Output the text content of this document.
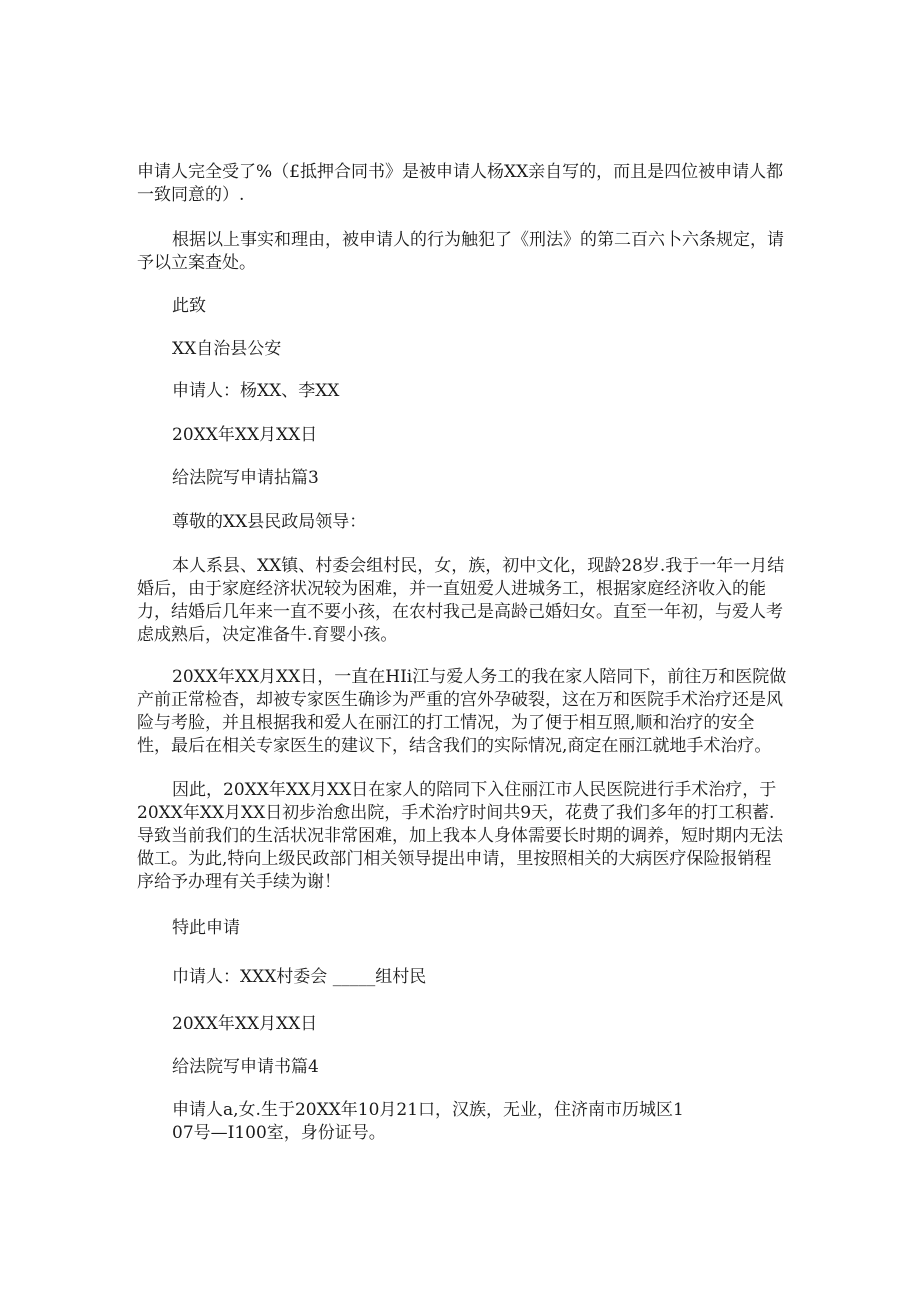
申请人完全受了%（£抵押合同书》是被申请人杨XX亲自写的，而且是四位被申请人都一致同意的）.

根据以上事实和理由，被申请人的行为触犯了《刑法》的第二百六卜六条规定，请予以立案查处。

此致

XX自治县公安

申请人：杨XX、李XX

20XX年XX月XX日

给法院写申请拈篇3

尊敬的XX县民政局领导：

本人系县、XX镇、村委会组村民，女，族，初中文化，现龄28岁.我于一年一月结婚后，由于家庭经济状况较为困难，并一直妞爱人进城务工，根据家庭经济收入的能力，结婚后几年来一直不要小孩，在农村我己是高龄己婚妇女。直至一年初，与爱人考虑成熟后，决定准备牛.育婴小孩。

20XX年XX月XX日，一直在HIi江与爱人务工的我在家人陪同下，前往万和医院做产前正常检杳，却被专家医生确诊为严重的宫外孕破裂，这在万和医院手术治疗还是风险与考脸，并且根据我和爱人在丽江的打工情况，为了便于相互照,顺和治疗的安全性，最后在相关专家医生的建议下，结含我们的实际情况,商定在丽江就地手术治疗。

因此，20XX年XX月XX日在家人的陪同下入住丽江市人民医院进行手术治疗，于20XX年XX月XX日初步治愈出院，手术治疗时间共9天，花费了我们多年的打工积蓄.导致当前我们的生活状况非常困难，加上我本人身体需要长时期的调养，短时期内无法做工。为此,特向上级民政部门相关领导提出申请，里按照相关的大病医疗保险报销程序给予办理有关手续为谢！

特此申请

巾请人：XXX村委会 _____组村民

20XX年XX月XX日

给法院写申请书篇4

申请人a,女.生于20XX年10月21口，汉族，无业，住济南市历城区107号—I100室，身份证号。
